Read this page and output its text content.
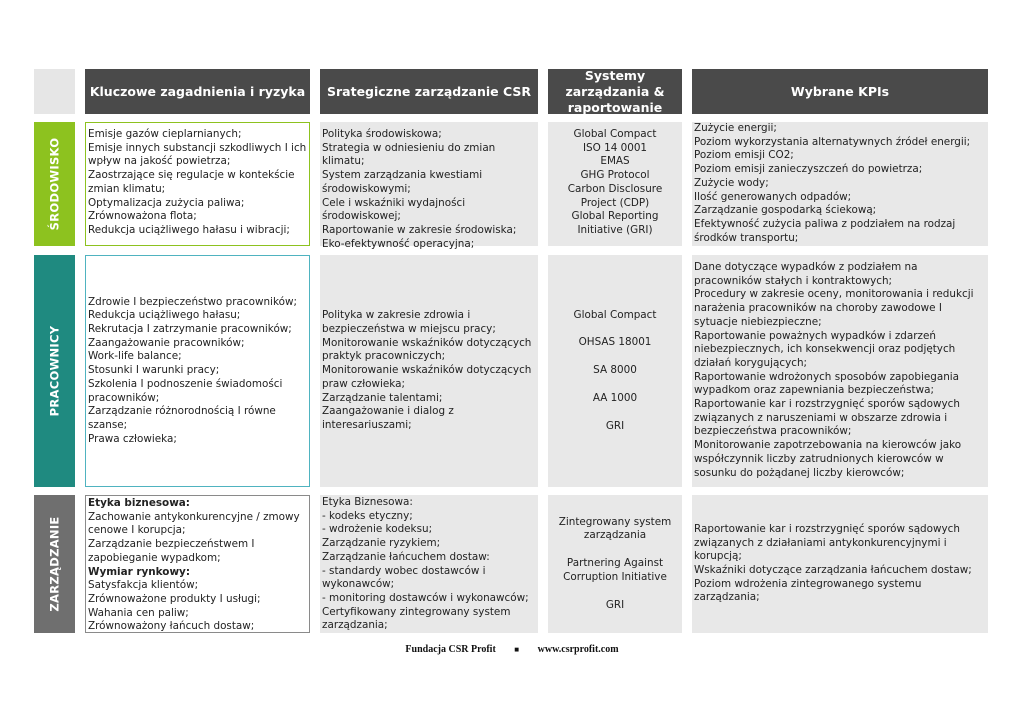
Kluczowe zagadnienia i ryzyka	Srategiczne zarządzanie CSR
Systemy zarządzania & raportowanie
Wybrane KPIs
ŚRODOWISKO
Emisje gazów cieplarnianych;
Emisje innych substancji szkodliwych I ich wpływ na jakość powietrza;
Zaostrzające się regulacje w kontekście zmian klimatu;
Optymalizacja zużycia paliwa;
Zrównoważona flota;
Redukcja uciążliwego hałasu i wibracji;
Polityka środowiskowa;
Strategia w odniesieniu do zmian klimatu;
System zarządzania kwestiami środowiskowymi;
Cele i wskaźniki wydajności środowiskowej;
Raportowanie w zakresie środowiska;
Eko-efektywność operacyjna;
Global Compact
ISO 14 0001
EMAS
GHG Protocol
Carbon Disclosure Project (CDP)
Global Reporting Initiative (GRI)
Zużycie energii;
Poziom wykorzystania alternatywnych źródeł energii;
Poziom emisji CO2;
Poziom emisji zanieczyszczeń do powietrza;
Zużycie wody;
Ilość generowanych odpadów;
Zarządzanie gospodarką ściekową;
Efektywność zużycia paliwa z podziałem na rodzaj środków transportu;
PRACOWNICY
Zdrowie I bezpieczeństwo pracowników;
Redukcja uciążliwego hałasu;
Rekrutacja I zatrzymanie pracowników;
Zaangażowanie pracowników;
Work-life balance;
Stosunki I warunki pracy;
Szkolenia I podnoszenie świadomości pracowników;
Zarządzanie różnorodnością I równe szanse;
Prawa człowieka;
Polityka w zakresie zdrowia i bezpieczeństwa w miejscu pracy;
Monitorowanie wskaźników dotyczących praktyk pracowniczych;
Monitorowanie wskaźników dotyczących praw człowieka;
Zarządzanie talentami;
Zaangażowanie i dialog z interesariuszami;
Global Compact
OHSAS 18001
SA 8000
AA 1000
GRI
Dane dotyczące wypadków z podziałem na pracowników stałych i kontraktowych;
Procedury w zakresie oceny, monitorowania i redukcji narażenia pracowników na choroby zawodowe I sytuacje niebiezpieczne;
Raportowanie poważnych wypadków i zdarzeń niebezpiecznych, ich konsekwencji oraz podjętych działań korygujących;
Raportowanie wdrożonych sposobów zapobiegania wypadkom oraz zapewniania bezpieczeństwa;
Raportowanie kar i rozstrzygnięć sporów sądowych związanych z naruszeniami w obszarze zdrowia i bezpieczeństwa pracowników;
Monitorowanie zapotrzebowania na kierowców jako współczynnik liczby zatrudnionych kierowców w sosunku do pożądanej liczby kierowców;
ZARZĄDZANIE
Etyka biznesowa:
Zachowanie antykonkurencyjne / zmowy cenowe I korupcja;
Zarządzanie bezpieczeństwem I zapobieganie wypadkom;
Wymiar rynkowy:
Satysfakcja klientów;
Zrównoważone produkty I usługi;
Wahania cen paliw;
Zrównoważony łańcuch dostaw;
Etyka Biznesowa:
- kodeks etyczny;
- wdrożenie kodeksu;
Zarządzanie ryzykiem;
Zarządzanie łańcuchem dostaw:
- standardy wobec dostawców i wykonawców;
- monitoring dostawców i wykonawców;
Certyfikowany zintegrowany system zarządzania;
Zintegrowany system zarządzania
Partnering Against Corruption Initiative
GRI
Raportowanie kar i rozstrzygnięć sporów sądowych związanych z działaniami antykonkurencyjnymi i korupcją;
Wskaźniki dotyczące zarządzania łańcuchem dostaw;
Poziom wdrożenia zintegrowanego systemu zarządzania;
Fundacja CSR Profit ■ www.csrprofit.com
